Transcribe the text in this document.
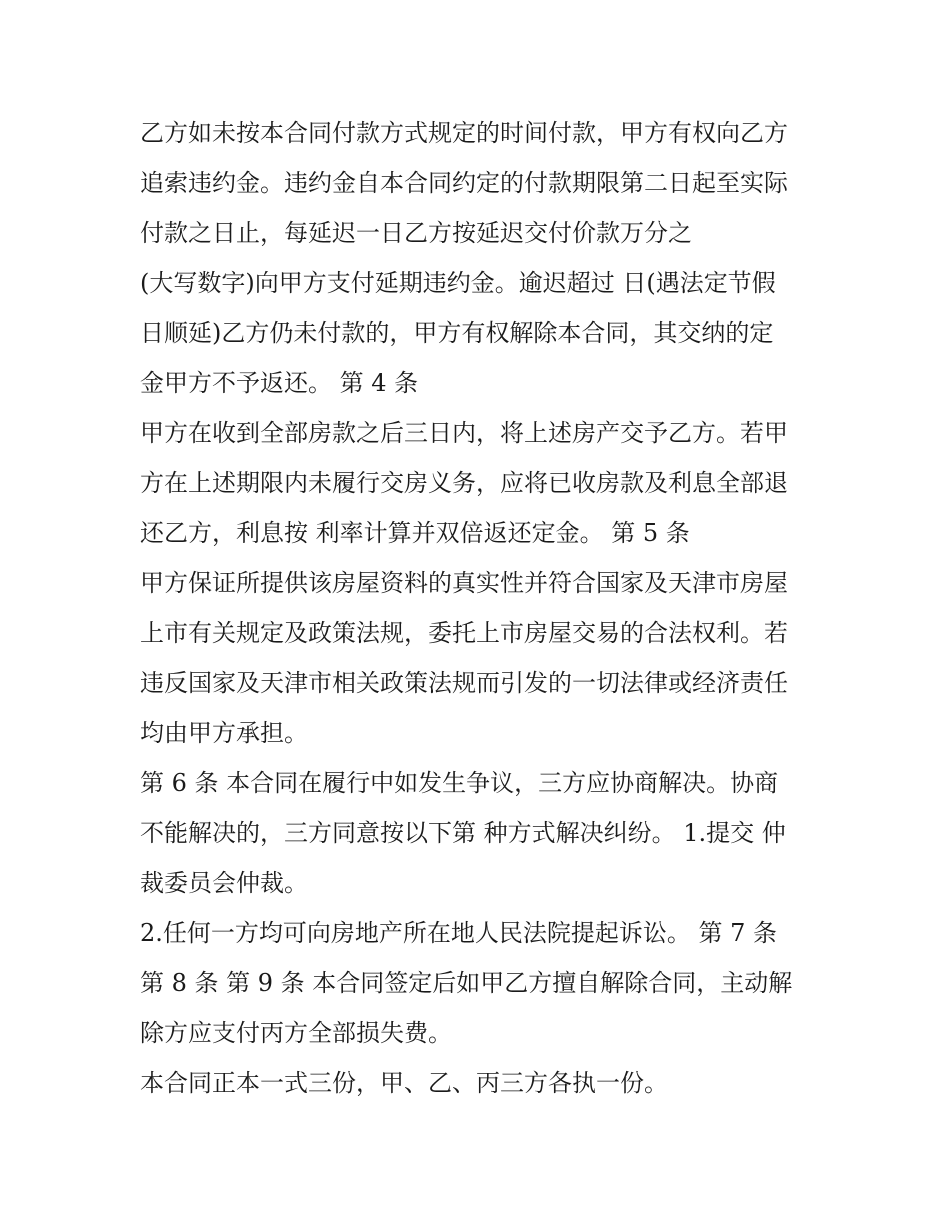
乙方如未按本合同付款方式规定的时间付款，甲方有权向乙方
追索违约金。违约金自本合同约定的付款期限第二日起至实际
付款之日止，每延迟一日乙方按延迟交付价款万分之
(大写数字)向甲方支付延期违约金。逾迟超过 日(遇法定节假
日顺延)乙方仍未付款的，甲方有权解除本合同，其交纳的定
金甲方不予返还。 第 4 条
甲方在收到全部房款之后三日内，将上述房产交予乙方。若甲
方在上述期限内未履行交房义务，应将已收房款及利息全部退
还乙方，利息按 利率计算并双倍返还定金。 第 5 条
甲方保证所提供该房屋资料的真实性并符合国家及天津市房屋
上市有关规定及政策法规，委托上市房屋交易的合法权利。若
违反国家及天津市相关政策法规而引发的一切法律或经济责任
均由甲方承担。
第 6 条 本合同在履行中如发生争议，三方应协商解决。协商
不能解决的，三方同意按以下第 种方式解决纠纷。 1.提交 仲
裁委员会仲裁。
2.任何一方均可向房地产所在地人民法院提起诉讼。 第 7 条
第 8 条 第 9 条 本合同签定后如甲乙方擅自解除合同，主动解
除方应支付丙方全部损失费。
本合同正本一式三份，甲、乙、丙三方各执一份。
